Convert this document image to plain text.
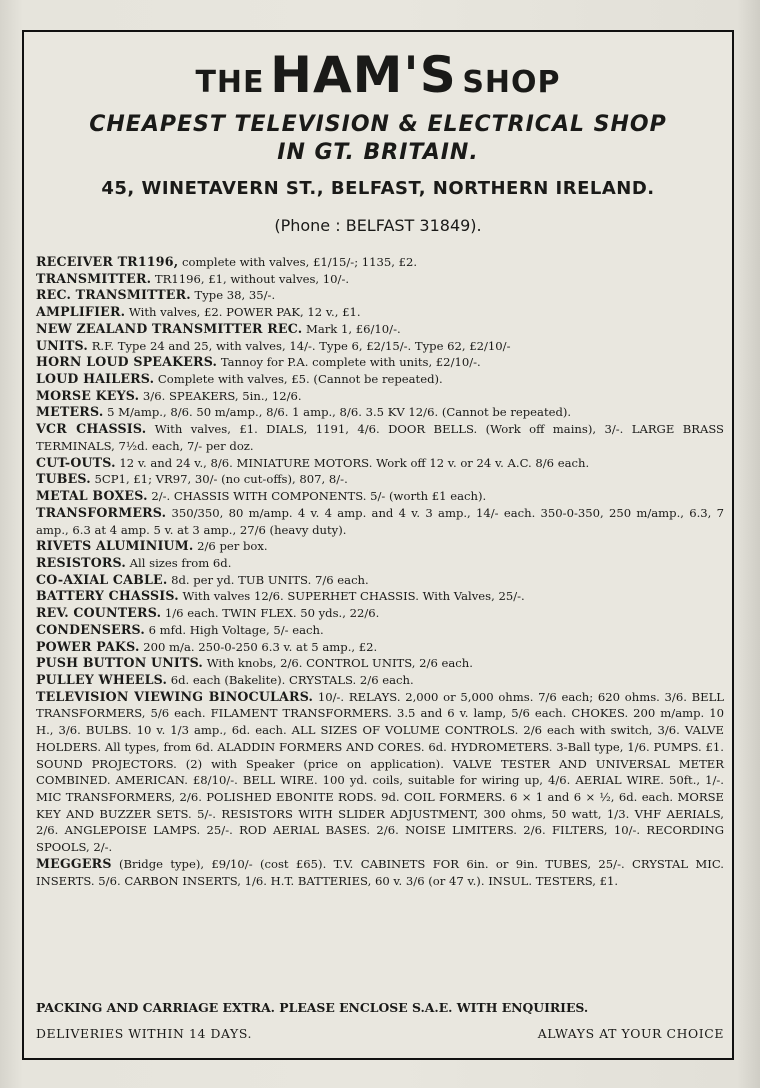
THE HAM'S SHOP
CHEAPEST TELEVISION & ELECTRICAL SHOP
IN GT. BRITAIN.
45, WINETAVERN ST., BELFAST, NORTHERN IRELAND.
(Phone : BELFAST 31849).

RECEIVER TR1196, complete with valves, £1/15/-; 1135, £2.

TRANSMITTER. TR1196, £1, without valves, 10/-.

REC. TRANSMITTER. Type 38, 35/-.

AMPLIFIER. With valves, £2. POWER PAK, 12 v., £1.

NEW ZEALAND TRANSMITTER REC. Mark 1, £6/10/-.

UNITS. R.F. Type 24 and 25, with valves, 14/-. Type 6, £2/15/-. Type 62, £2/10/-

HORN LOUD SPEAKERS. Tannoy for P.A. complete with units, £2/10/-.

LOUD HAILERS. Complete with valves, £5. (Cannot be repeated).

MORSE KEYS. 3/6. SPEAKERS, 5in., 12/6.

METERS. 5 M/amp., 8/6. 50 m/amp., 8/6. 1 amp., 8/6. 3.5 KV 12/6. (Cannot be repeated).

VCR CHASSIS. With valves, £1. DIALS, 1191, 4/6. DOOR BELLS. (Work off mains), 3/-. LARGE BRASS TERMINALS, 7½d. each, 7/- per doz.

CUT-OUTS. 12 v. and 24 v., 8/6. MINIATURE MOTORS. Work off 12 v. or 24 v. A.C. 8/6 each.

TUBES. 5CP1, £1; VR97, 30/- (no cut-offs), 807, 8/-.

METAL BOXES. 2/-. CHASSIS WITH COMPONENTS. 5/- (worth £1 each).

TRANSFORMERS. 350/350, 80 m/amp. 4 v. 4 amp. and 4 v. 3 amp., 14/- each. 350-0-350, 250 m/amp., 6.3, 7 amp., 6.3 at 4 amp. 5 v. at 3 amp., 27/6 (heavy duty).

RIVETS ALUMINIUM. 2/6 per box.

RESISTORS. All sizes from 6d.

CO-AXIAL CABLE. 8d. per yd. TUB UNITS. 7/6 each.

BATTERY CHASSIS. With valves 12/6. SUPERHET CHASSIS. With Valves, 25/-.

REV. COUNTERS. 1/6 each. TWIN FLEX. 50 yds., 22/6.

CONDENSERS. 6 mfd. High Voltage, 5/- each.

POWER PAKS. 200 m/a. 250-0-250 6.3 v. at 5 amp., £2.

PUSH BUTTON UNITS. With knobs, 2/6. CONTROL UNITS, 2/6 each.

PULLEY WHEELS. 6d. each (Bakelite). CRYSTALS. 2/6 each.

TELEVISION VIEWING BINOCULARS. 10/-. RELAYS. 2,000 or 5,000 ohms. 7/6 each; 620 ohms. 3/6. BELL TRANSFORMERS, 5/6 each. FILAMENT TRANSFORMERS. 3.5 and 6 v. lamp, 5/6 each. CHOKES. 200 m/amp. 10 H., 3/6. BULBS. 10 v. 1/3 amp., 6d. each. ALL SIZES OF VOLUME CONTROLS. 2/6 each with switch, 3/6. VALVE HOLDERS. All types, from 6d. ALADDIN FORMERS AND CORES. 6d. HYDROMETERS. 3-Ball type, 1/6. PUMPS. £1. SOUND PROJECTORS. (2) with Speaker (price on application). VALVE TESTER AND UNIVERSAL METER COMBINED. AMERICAN. £8/10/-. BELL WIRE. 100 yd. coils, suitable for wiring up, 4/6. AERIAL WIRE. 50ft., 1/-. MIC TRANSFORMERS, 2/6. POLISHED EBONITE RODS. 9d. COIL FORMERS. 6 × 1 and 6 × ½, 6d. each. MORSE KEY AND BUZZER SETS. 5/-. RESISTORS WITH SLIDER ADJUSTMENT, 300 ohms, 50 watt, 1/3. VHF AERIALS, 2/6. ANGLEPOISE LAMPS. 25/-. ROD AERIAL BASES. 2/6. NOISE LIMITERS. 2/6. FILTERS, 10/-. RECORDING SPOOLS, 2/-.

MEGGERS (Bridge type), £9/10/- (cost £65). T.V. CABINETS FOR 6in. or 9in. TUBES, 25/-. CRYSTAL MIC. INSERTS. 5/6. CARBON INSERTS, 1/6. H.T. BATTERIES, 60 v. 3/6 (or 47 v.). INSUL. TESTERS, £1.

PACKING AND CARRIAGE EXTRA. PLEASE ENCLOSE S.A.E. WITH ENQUIRIES.
DELIVERIES WITHIN 14 DAYS.	ALWAYS AT YOUR CHOICE
